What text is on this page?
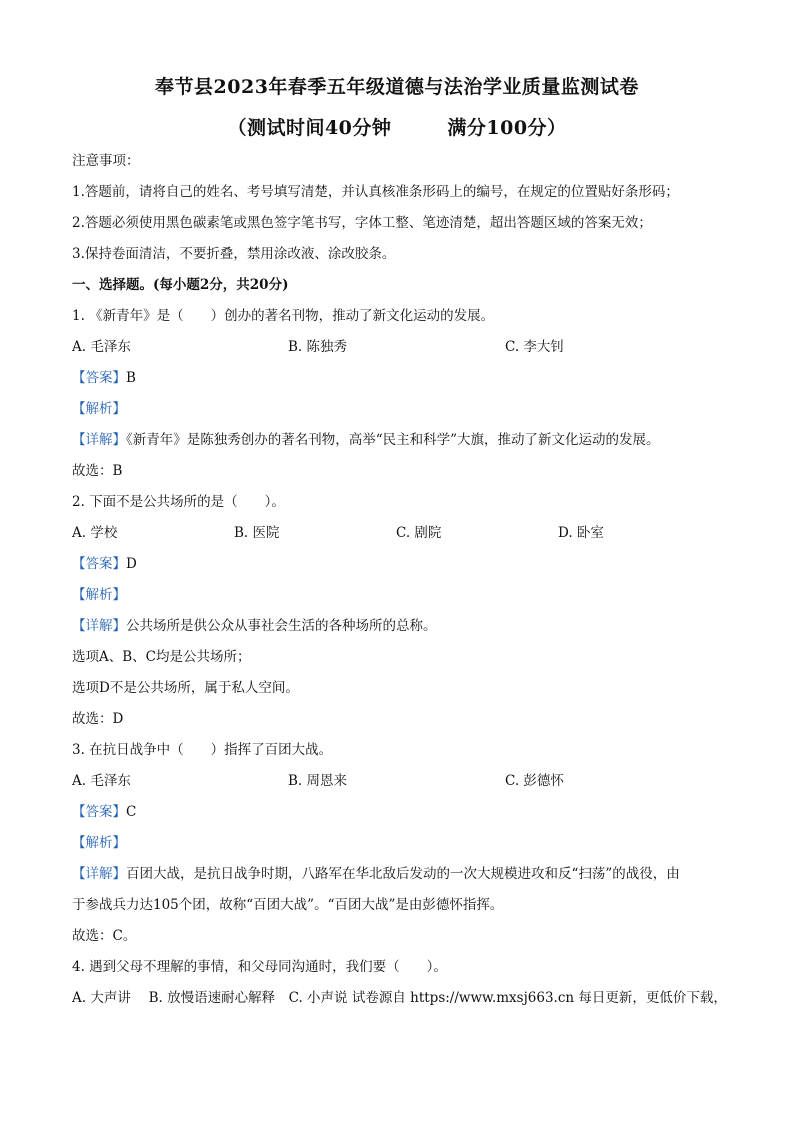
奉节县2023年春季五年级道德与法治学业质量监测试卷
（测试时间40分钟	满分100分）
注意事项：
1.答题前，请将自己的姓名、考号填写清楚，并认真核准条形码上的编号，在规定的位置贴好条形码；
2.答题必须使用黑色碳素笔或黑色签字笔书写，字体工整、笔迹清楚，超出答题区域的答案无效；
3.保持卷面清洁，不要折叠，禁用涂改液、涂改胶条。
一、选择题。(每小题2分，共20分)
1. 《新青年》是（　　）创办的著名刊物，推动了新文化运动的发展。
A. 毛泽东	B. 陈独秀	C. 李大钊
【答案】B
【解析】
【详解】《新青年》是陈独秀创办的著名刊物，高举“民主和科学”大旗，推动了新文化运动的发展。
故选：B
2. 下面不是公共场所的是（　　）。
A. 学校	B. 医院	C. 剧院	D. 卧室
【答案】D
【解析】
【详解】公共场所是供公众从事社会生活的各种场所的总称。
选项A、B、C均是公共场所；
选项D不是公共场所，属于私人空间。
故选：D
3. 在抗日战争中（　　）指挥了百团大战。
A. 毛泽东	B. 周恩来	C. 彭德怀
【答案】C
【解析】
【详解】百团大战，是抗日战争时期，八路军在华北敌后发动的一次大规模进攻和反“扫荡”的战役，由
于参战兵力达105个团，故称“百团大战”。“百团大战”是由彭德怀指挥。
故选：C。
4. 遇到父母不理解的事情，和父母同沟通时，我们要（　　）。
A. 大声讲　 B. 放慢语速耐心解释　C. 小声说 试卷源自 https://www.mxsj663.cn 每日更新，更低价下载，
